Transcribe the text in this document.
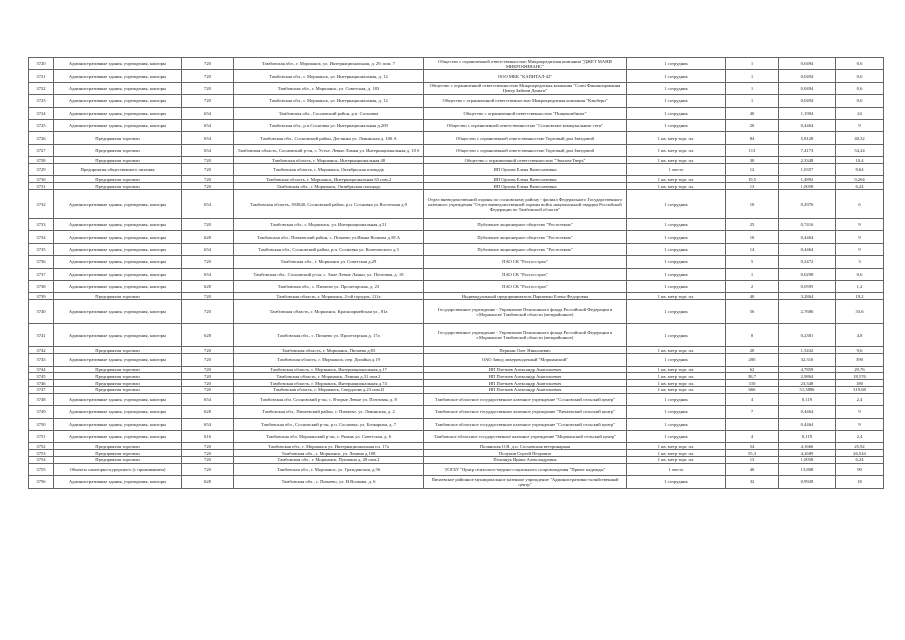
3720	Административные здания, учреждения, конторы	720	Тамбовская обл., г. Моршанск, ул. Интернациональная, д. 29, пом. 7	Общество с ограниченной ответственностью Микрокредитная компания "ДЖЕТ МАНИ МИКРОФИНАНС"	1 сотрудник	1	0,0494	0,6
3721	Административные здания, учреждения, конторы	720	Тамбовская обл., г. Моршанск, ул. Интернациональная, д. 12	ООО МКК "КАПИТАЛ-42"	1 сотрудник	1	0,0494	0,6
3722	Административные здания, учреждения, конторы	720	Тамбовская обл., г. Моршанск, ул. Советская, д. 183	Общество с ограниченной ответственностью Микрокредитная компания "Союз Финансирования Центр Займов Деньги"	1 сотрудник	1	0,0494	0,6
3723	Административные здания, учреждения, конторы	720	Тамбовская обл., г. Моршанск, ул. Интернациональная, д. 12	Общество с ограниченной ответственностью Микрокредитная компания "Кэшбери"	1 сотрудник	1	0,0494	0,6
3724	Административные здания, учреждения, конторы	654	Тамбовская обл., Сосновский район, р.п. Сосновка	Общество с ограниченной ответственностью "Пищекомбинат"	1 сотрудник	40	1,1904	24
3725	Административные здания, учреждения, конторы	654	Тамбовская обл., р.п.Сосновка ул. Интернациональная д.209	Общество с ограниченной ответственностью "Сосновские коммунальные сети"	1 сотрудник	20	0,4464	9
3726	Предприятия торговли	654	Тамбовская обл., Сосновский район, Дегтянка ул. Ленинская д. 106 А	Общество с ограниченной ответственностью Торговый дом Звездовой	1 кв. метр торг. пл.	84	5,8128	40,32
3727	Предприятия торговли	654	Тамбовская область, Сосновский р-он, с. Устье, Левые Ламки ул. Интернациональная д. 10 б	Общество с ограниченной ответственностью Торговый дом Звездовой	1 кв. метр торг. пл.	113	7,4173	54,24
3728	Предприятия торговли	720	Тамбовская область, г. Моршанск, Интернациональная 48	Общество с ограниченной ответственностью "Эконом-Тверь"	1 кв. метр торг. пл.	30	2,3348	10,4
3729	Предприятия общественного питания	720	Тамбовская область, г. Моршанск, Октябрьская площадь	ИП Орлова Елена Вячеславовна	1 место	12	1,0357	8,64
3730	Предприятия торговли	720	Тамбовская область, г. Моршанск, Интернациональная 63 пом.2	ИП Орлова Елена Вячеславовна	1 кв. метр торг. пл.	19,5	1,4892	9,204
3731	Предприятия торговли	720	Тамбовская обл., г. Моршанск, Октябрьская площадь	ИП Орлова Елена Вячеславовна	1 кв. метр торг. пл.	13	1,0058	6,24
3732	Административные здания, учреждения, конторы	654	Тамбовская область, 393840, Сосновский район, р.п. Сосновка ул.Восточная д.9	Отдел вневедомственной охраны по сосновскому району - филиал Федерального Государственного казенного учреждения "Отдел вневедомственной охраны войск национальной гвардии Российской Федерации по Тамбовской области"	1 сотрудник	10	0,2976	6
3733	Административные здания, учреждения, конторы	720	Тамбовская обл., г. Моршанск, ул. Интернациональная д.51	Публичное акционерное общество "Ростелеком"	1 сотрудник	25	0,7416	9
3734	Административные здания, учреждения, конторы	628	Тамбовская обл., Пичаевский район, с. Пичаево ул.Ивана Волкова д.58 А	Публичное акционерное общество "Ростелеком"	1 сотрудник	10	0,4464	9
3735	Административные здания, учреждения, конторы	654	Тамбовская обл., Сосновский район, р.п. Сосновка ул. Кочетовского д.3	Публичное акционерное общество "Ростелеком"	1 сотрудник	14	0,4464	9
3736	Административные здания, учреждения, конторы	720	Тамбовская обл., г. Моршанск ул. Советская д.29	ПАО СК "Росгосстрах"	1 сотрудник	5	0,2472	3
3737	Административные здания, учреждения, конторы	654	Тамбовская обл., Сосновский р-он, с. Злые Левые Ламки, ул. Почтовая, д. 18	ПАО СК "Росгосстрах"	1 сотрудник	1	0,0298	0,6
3738	Административные здания, учреждения, конторы	628	Тамбовская обл., с. Пичаево ул. Пролетарская, д. 23	ПАО СК "Росгосстрах"	1 сотрудник	2	0,0595	1,2
3739	Предприятия торговли	720	Тамбовская область, г. Моршанск, 2-ой городок, 111а	Индивидуальный предприниматель Паршенко Елена Федоровна	1 кв. метр торг. пл.	40	3,2864	19,2
3740	Административные здания, учреждения, конторы	720	Тамбовская область, г. Моршанск, Красноармейская ул., 81а	Государственное учреждение - Управление Пенсионного фонда Российской Федерации в г.Моршанске Тамбовской области (межрайонное)	1 сотрудник	56	2,7686	33,6
3741	Административные здания, учреждения, конторы	628	Тамбовская обл., с. Пичаево ул. Пролетарская д. 17а	Государственное учреждение - Управление Пенсионного фонда Российской Федерации в г.Моршанске Тамбовской области (межрайонное)	1 сотрудник	8	0,2381	4,8
3742	Предприятия торговли	720	Тамбовская область, г. Моршанск, Пичаева д.83	Першин Олег Николаевич	1 кв. метр торг. пл.	20	1,5432	9,6
3743	Административные здания, учреждения, конторы	720	Тамбовская область, г. Моршанск, пер. Дизайна д.19	ОАО Завод ликероводочный "Моршанский"	1 сотрудник	200	32,316	390
3744	Предприятия торговли	720	Тамбовская область, г. Моршанск, Интернациональная д.17	ИП Плетнев Александр Анатольевич	1 кв. метр торг. пл.	62	4,7859	29,76
3745	Предприятия торговли	720	Тамбовская область, г. Моршанск, Ленина д.31 пом.2	ИП Плетнев Александр Анатольевич	1 кв. метр торг. пл.	38,7	2,9864	18,576
3746	Предприятия торговли	720	Тамбовская область, г. Моршанск, Интернациональная д.74	ИП Плетнев Александр Анатольевич	1 кв. метр торг. пл.	310	23,348	180
3747	Предприятия торговли	720	Тамбовская область, г. Моршанск, Свердлова д.23 пом.II	ИП Плетнев Александр Анатольевич	1 кв. метр торг. пл.	666	51,3886	319,68
3748	Административные здания, учреждения, конторы	654	Тамбовская обл. Сосновский р-он, с. Вторые Левые ул. Почтовая, д. 8	Тамбовское областное государственное казенное учреждение "Сосновский сельский центр"	1 сотрудник	4	0,119	2,4
3749	Административные здания, учреждения, конторы	628	Тамбовская обл., Пичаевский район, с. Пичаево, ул. Ленинская, д. 2	Тамбовское областное государственное казенное учреждение "Пичаевский сельский центр"	1 сотрудник	7	0,4464	9
3750	Административные здания, учреждения, конторы	654	Тамбовская обл., Сосновский р-он, р.п. Сосновка, ул. Бочкарная, д. 7	Тамбовское областное государственное казенное учреждение "Сосновский сельский центр"	1 сотрудник		0,4464	9
3751	Административные здания, учреждения, конторы	616	Тамбовская обл. Моршанский р-он, с. Рязань ул. Советская, д. 6	Тамбовское областное государственное казенное учреждение "Моршанский сельский центр"	1 сотрудник	4	0,119	2,4
3752	Предприятия торговли	720	Тамбовская обл., г. Моршанск ул. Интернациональная пл. 17а	Полянская О.В. д.п. Сосновская ветеринарная	1 кв. метр торг. пл.	54	4,1666	25,92
3753	Предприятия торговли	720	Тамбовская обл., г. Моршанск, ул. Ленина д.108	Полунов Сергей Петрович	1 кв. метр торг. пл.	55,3	4,2689	26,544
3754	Предприятия торговли	720	Тамбовская обл., г. Моршанск, Пушкина д. 28 пом.2	Полищук Ирина Александровна	1 кв. метр торг. пл.	13	1,0058	6,24
3755	Объекты санаторно-курортного (с проживанием)	720	Тамбовская обл., г. Моршанск, ул. Гражданская, д.56	ТОГБУ "Центр психолого-медико-социального сопровождения "Приют надежды"	1 место	40	13,808	90
3756	Административные здания, учреждения, конторы	628	Тамбовская обл., с. Пичаево, ул. И.Волкова, д. 6	Пичаевское районное муниципальное казенное учреждение "Административно-хозяйственный центр"	1 сотрудник	32	0,9928	18
